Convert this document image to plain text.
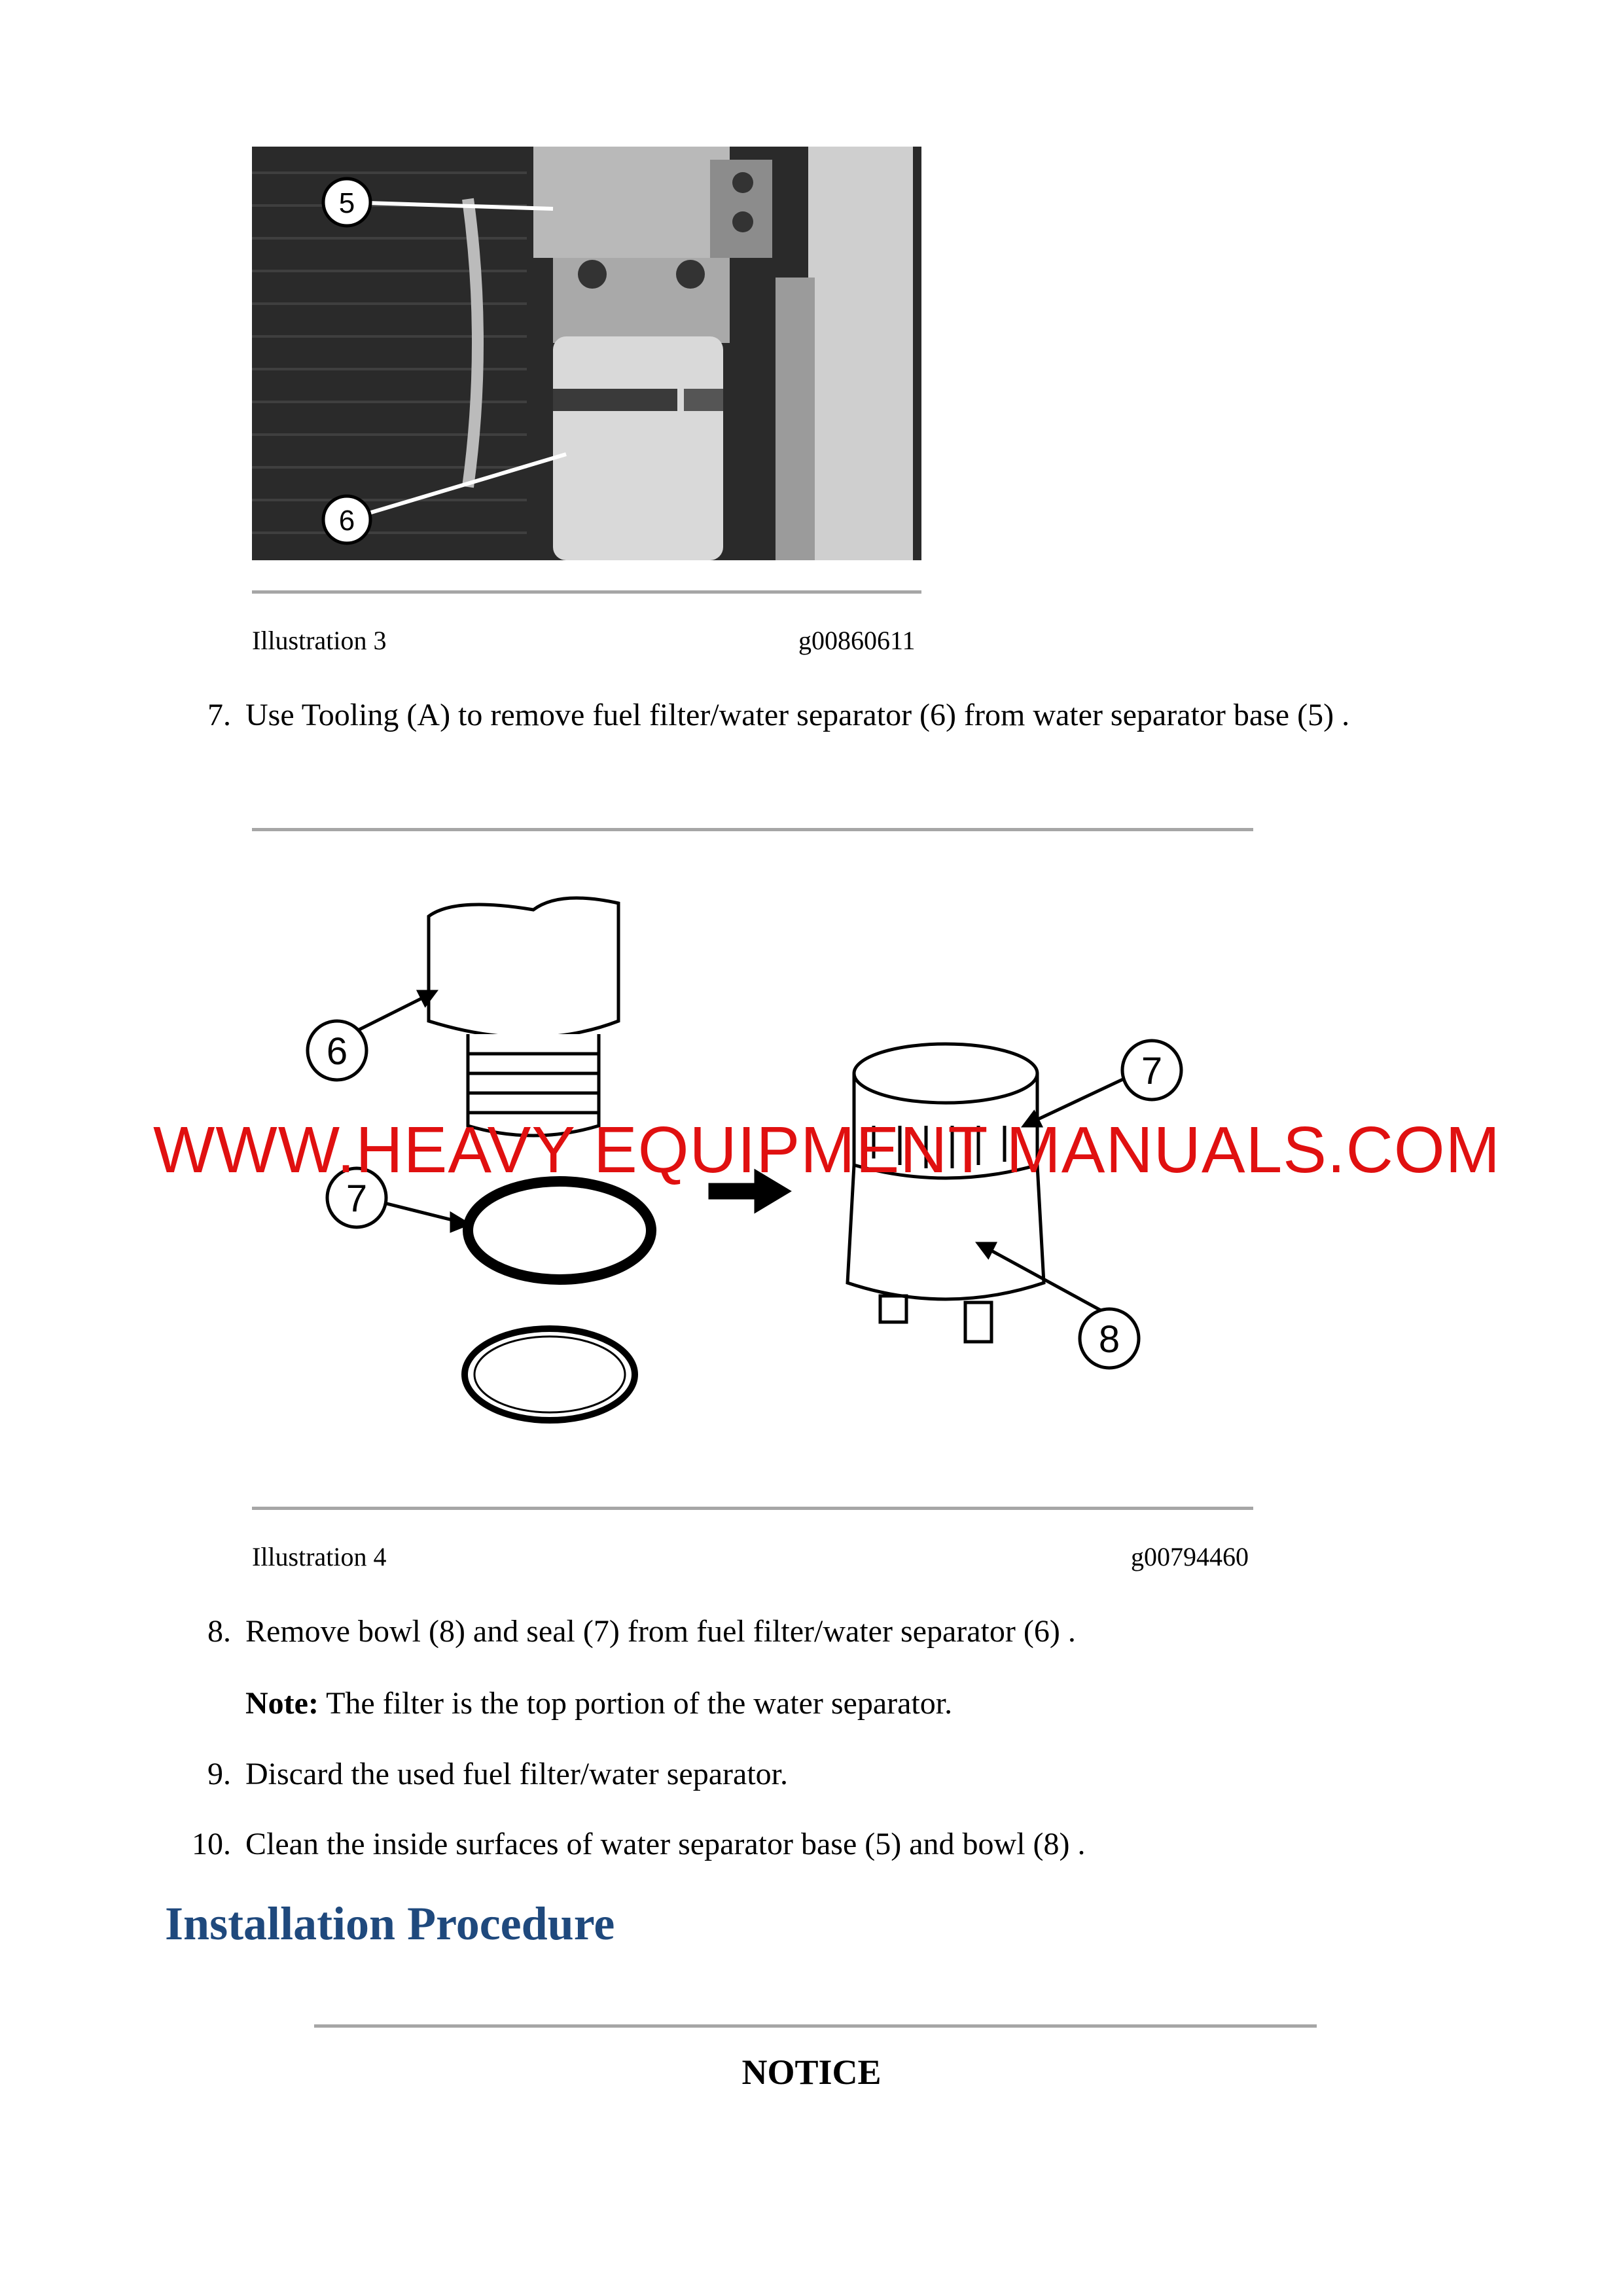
5
6
Illustration 3	g00860611
7. Use Tooling (A) to remove fuel filter/water separator (6) from water separator base (5) .
6
7
7
8
WWW.HEAVY EQUIPMENT MANUALS.COM
Illustration 4	g00794460
8. Remove bowl (8) and seal (7) from fuel filter/water separator (6) .
Note: The filter is the top portion of the water separator.
9. Discard the used fuel filter/water separator.
10. Clean the inside surfaces of water separator base (5) and bowl (8) .
Installation Procedure
NOTICE
